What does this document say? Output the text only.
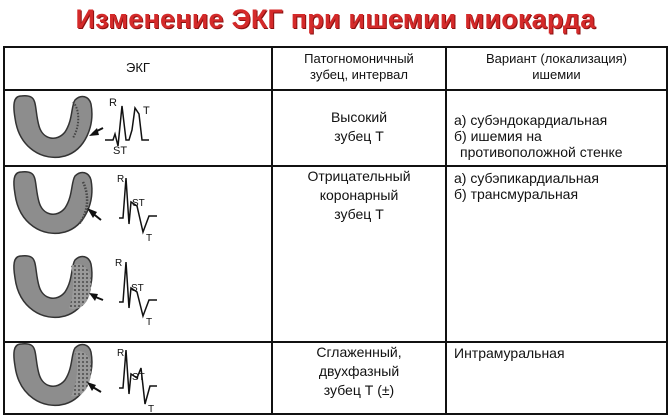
Изменение ЭКГ при ишемии миокарда
ЭКГ
Патогномоничный
зубец, интервал
Вариант (локализация)
ишемии
Высокий
зубец Т
а) субэндокардиальная
б) ишемия на
противоположной стенке
Отрицательный
коронарный
зубец Т
а) субэпикардиальная
б) трансмуральная
Сглаженный,
двухфазный
зубец Т (±)
Интрамуральная
R
T
ST
R
ST
T
R
ST
T
R
ST
T
